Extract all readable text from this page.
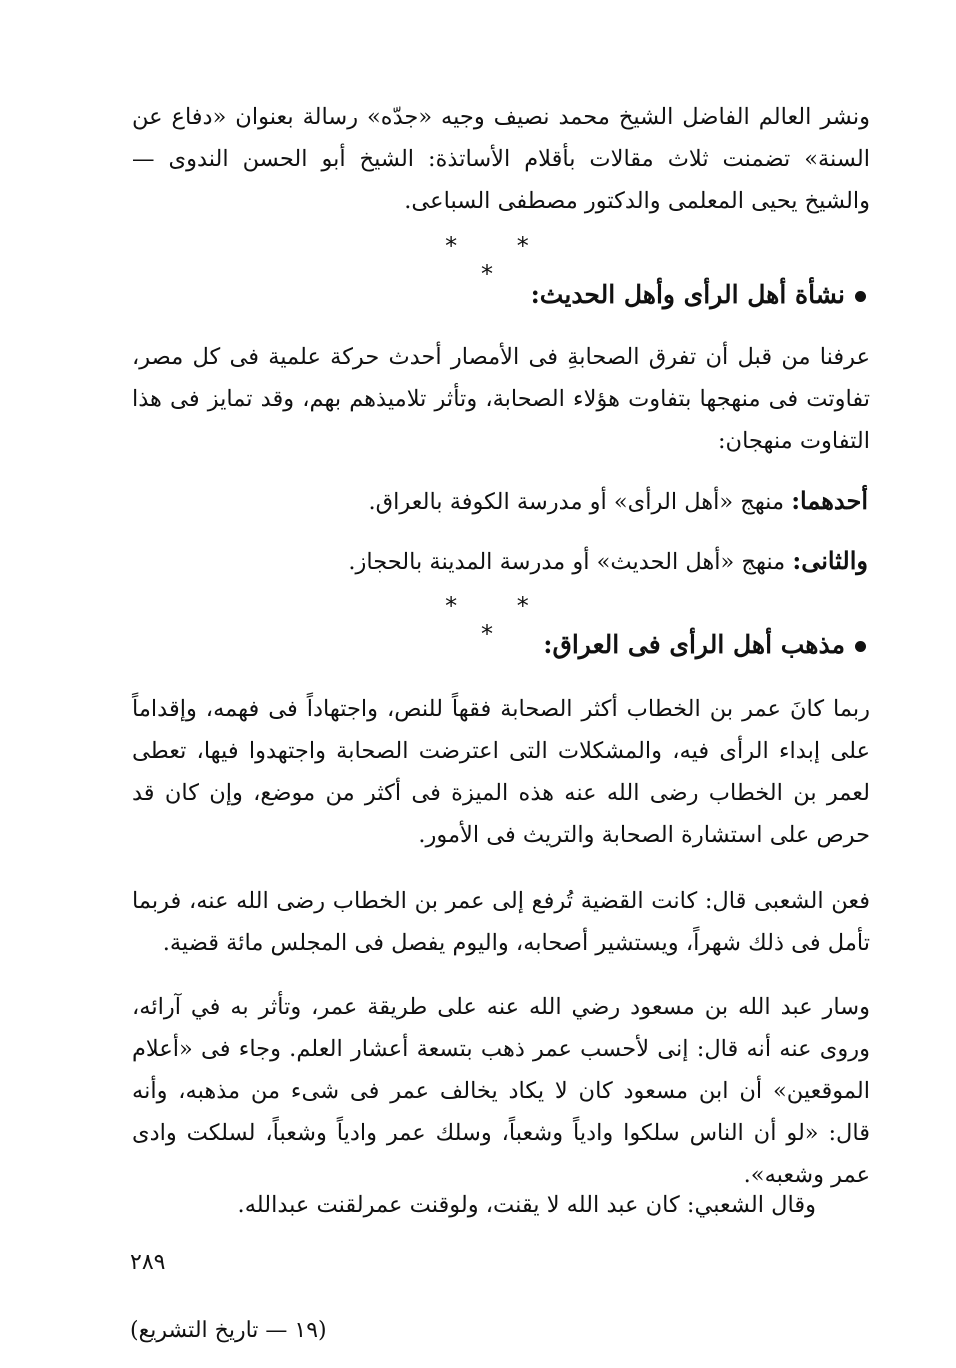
ونشر العالم الفاضل الشيخ محمد نصيف وجيه «جدّه» رسالة بعنوان «دفاع عن السنة» تضمنت ثلاث مقالات بأقلام الأساتذة: الشيخ أبو الحسن الندوى — والشيخ يحيى المعلمى والدكتور مصطفى السباعى.
* * *
نشأة أهل الرأى وأهل الحديث:
عرفنا من قبل أن تفرق الصحابةِ فى الأمصار أحدث حركة علمية فى كل مصر، تفاوتت فى منهجها بتفاوت هؤلاء الصحابة، وتأثر تلاميذهم بهم، وقد تمايز فى هذا التفاوت منهجان:
أحدهما: منهج «أهل الرأى» أو مدرسة الكوفة بالعراق.
والثانى: منهج «أهل الحديث» أو مدرسة المدينة بالحجاز.
* * * مذهب أهل الرأى فى العراق:
ربما كانَ عمر بن الخطاب أكثر الصحابة فقهاً للنص، واجتهاداً فى فهمه، وإقداماً على إبداء الرأى فيه، والمشكلات التى اعترضت الصحابة واجتهدوا فيها، تعطى لعمر بن الخطاب رضى الله عنه هذه الميزة فى أكثر من موضع، وإن كان قد حرص على استشارة الصحابة والتريث فى الأمور.
فعن الشعبى قال: كانت القضية تُرفع إلى عمر بن الخطاب رضى الله عنه، فربما تأمل فى ذلك شهراً، ويستشير أصحابه، واليوم يفصل فى المجلس مائة قضية.
وسار عبد الله بن مسعود رضي الله عنه على طريقة عمر، وتأثر به في آرائه، وروى عنه أنه قال: إنى لأحسب عمر ذهب بتسعة أعشار العلم. وجاء فى «أعلام الموقعين» أن ابن مسعود كان لا يكاد يخالف عمر فى شىء من مذهبه، وأنه قال: «لو أن الناس سلكوا وادياً وشعباً، وسلك عمر وادياً وشعباً، لسلكت وادى عمر وشعبه».
وقال الشعبي: كان عبد الله لا يقنت، ولوقنت عمرلقنت عبدالله.
٢٨٩
(١٩ — تاريخ التشريع)
